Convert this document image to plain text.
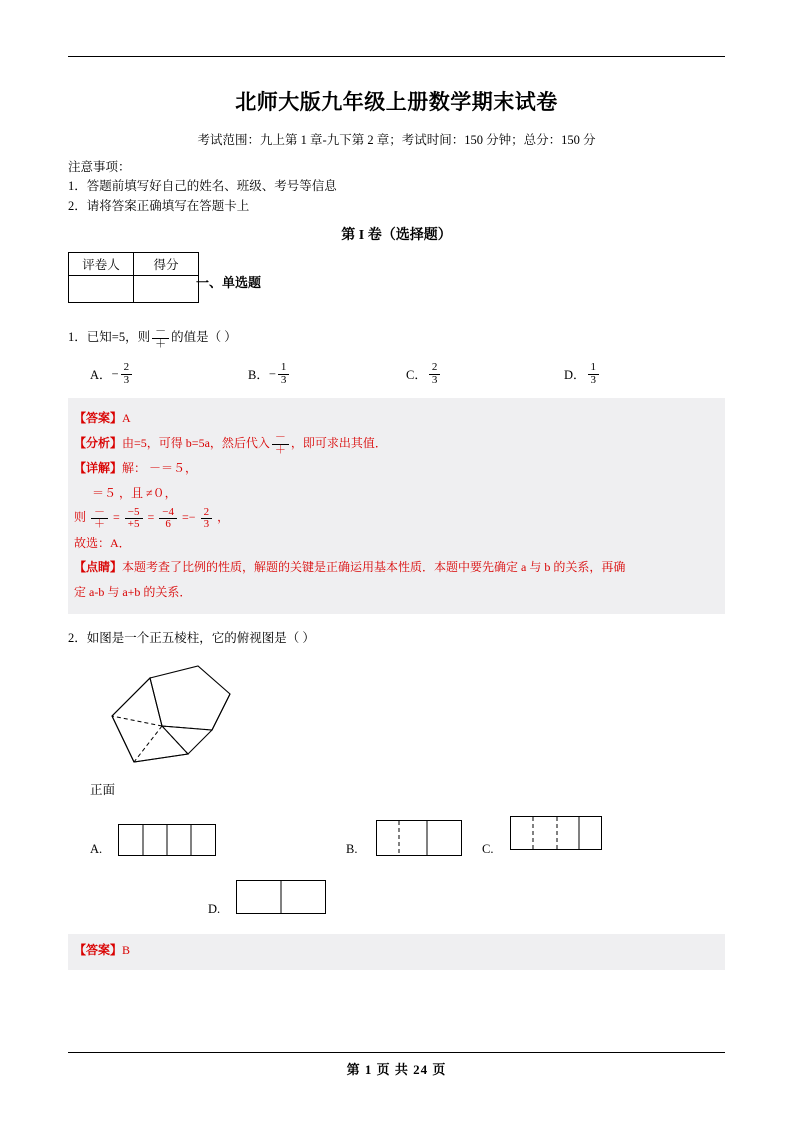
北师大版九年级上册数学期末试卷
考试范围：九上第 1 章-九下第 2 章；考试时间：150 分钟；总分：150 分
注意事项：
1．答题前填写好自己的姓名、班级、考号等信息
2．请将答案正确填写在答题卡上
第 I 卷（选择题）
评卷人	得分

一、单选题
1．已知=5，则 $\frac{-}{+}$ 的值是（ ）
A． − $\frac{2}{3}$	B． − $\frac{1}{3}$	C． $\frac{2}{3}$	D． $\frac{1}{3}$
【答案】A
【分析】由=5，可得 b=5a，然后代入 $\frac{-}{+}$ ，即可求出其值．
【详解】解： －＝５，
＝５ ，且 ≠０，
则 $\frac{-}{+} = \frac{-5}{+5} = \frac{-4}{6} =- \frac{2}{3}$ ，
故选：A．
【点睛】本题考查了比例的性质，解题的关键是正确运用基本性质．本题中要先确定 a 与 b 的关系，再确
定 a-b 与 a+b 的关系．
2．如图是一个正五棱柱，它的俯视图是（ ）
正面
A.	B.	C.
D.
【答案】B
第 1 页 共 24 页
